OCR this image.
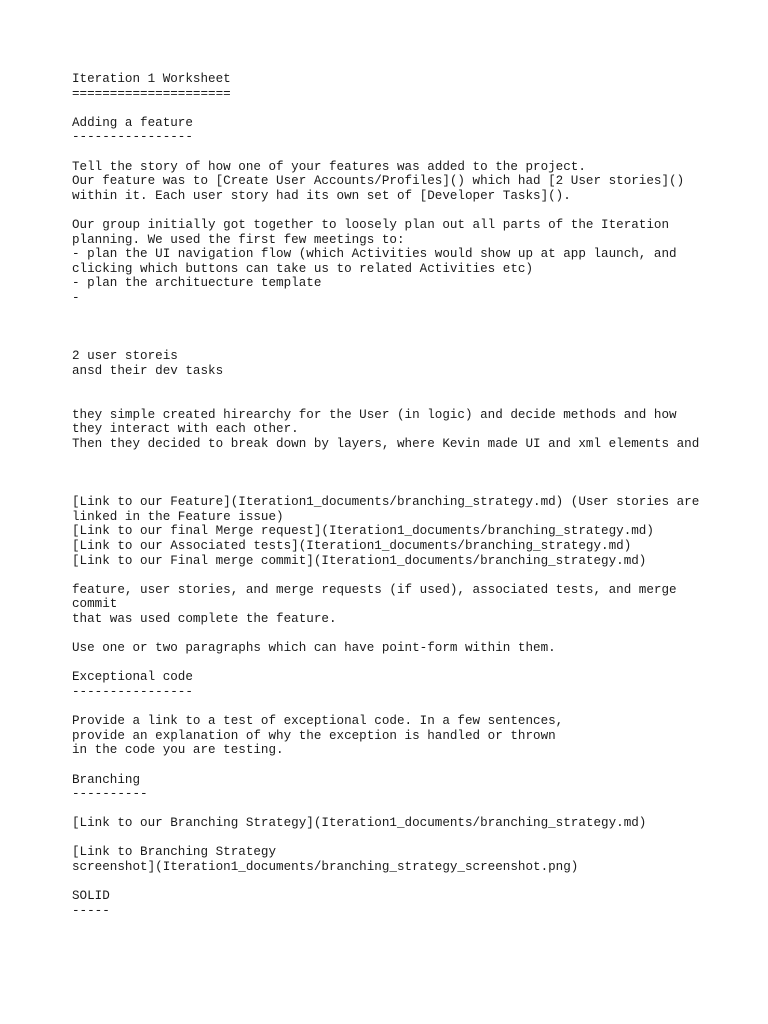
Iteration 1 Worksheet
=====================
Adding a feature
----------------
Tell the story of how one of your features was added to the project.
Our feature was to [Create User Accounts/Profiles]() which had [2 User stories]()
within it. Each user story had its own set of [Developer Tasks]().
Our group initially got together to loosely plan out all parts of the Iteration
planning. We used the first few meetings to:
- plan the UI navigation flow (which Activities would show up at app launch, and
clicking which buttons can take us to related Activities etc)
- plan the archituecture template
-
2 user storeis
ansd their dev tasks
they simple created hirearchy for the User (in logic) and decide methods and how
they interact with each other.
Then they decided to break down by layers, where Kevin made UI and xml elements and
[Link to our Feature](Iteration1_documents/branching_strategy.md) (User stories are
linked in the Feature issue)
[Link to our final Merge request](Iteration1_documents/branching_strategy.md)
[Link to our Associated tests](Iteration1_documents/branching_strategy.md)
[Link to our Final merge commit](Iteration1_documents/branching_strategy.md)
feature, user stories, and merge requests (if used), associated tests, and merge
commit
that was used complete the feature.
Use one or two paragraphs which can have point-form within them.
Exceptional code
----------------
Provide a link to a test of exceptional code. In a few sentences,
provide an explanation of why the exception is handled or thrown
in the code you are testing.
Branching
----------
[Link to our Branching Strategy](Iteration1_documents/branching_strategy.md)
[Link to Branching Strategy
screenshot](Iteration1_documents/branching_strategy_screenshot.png)
SOLID
-----
